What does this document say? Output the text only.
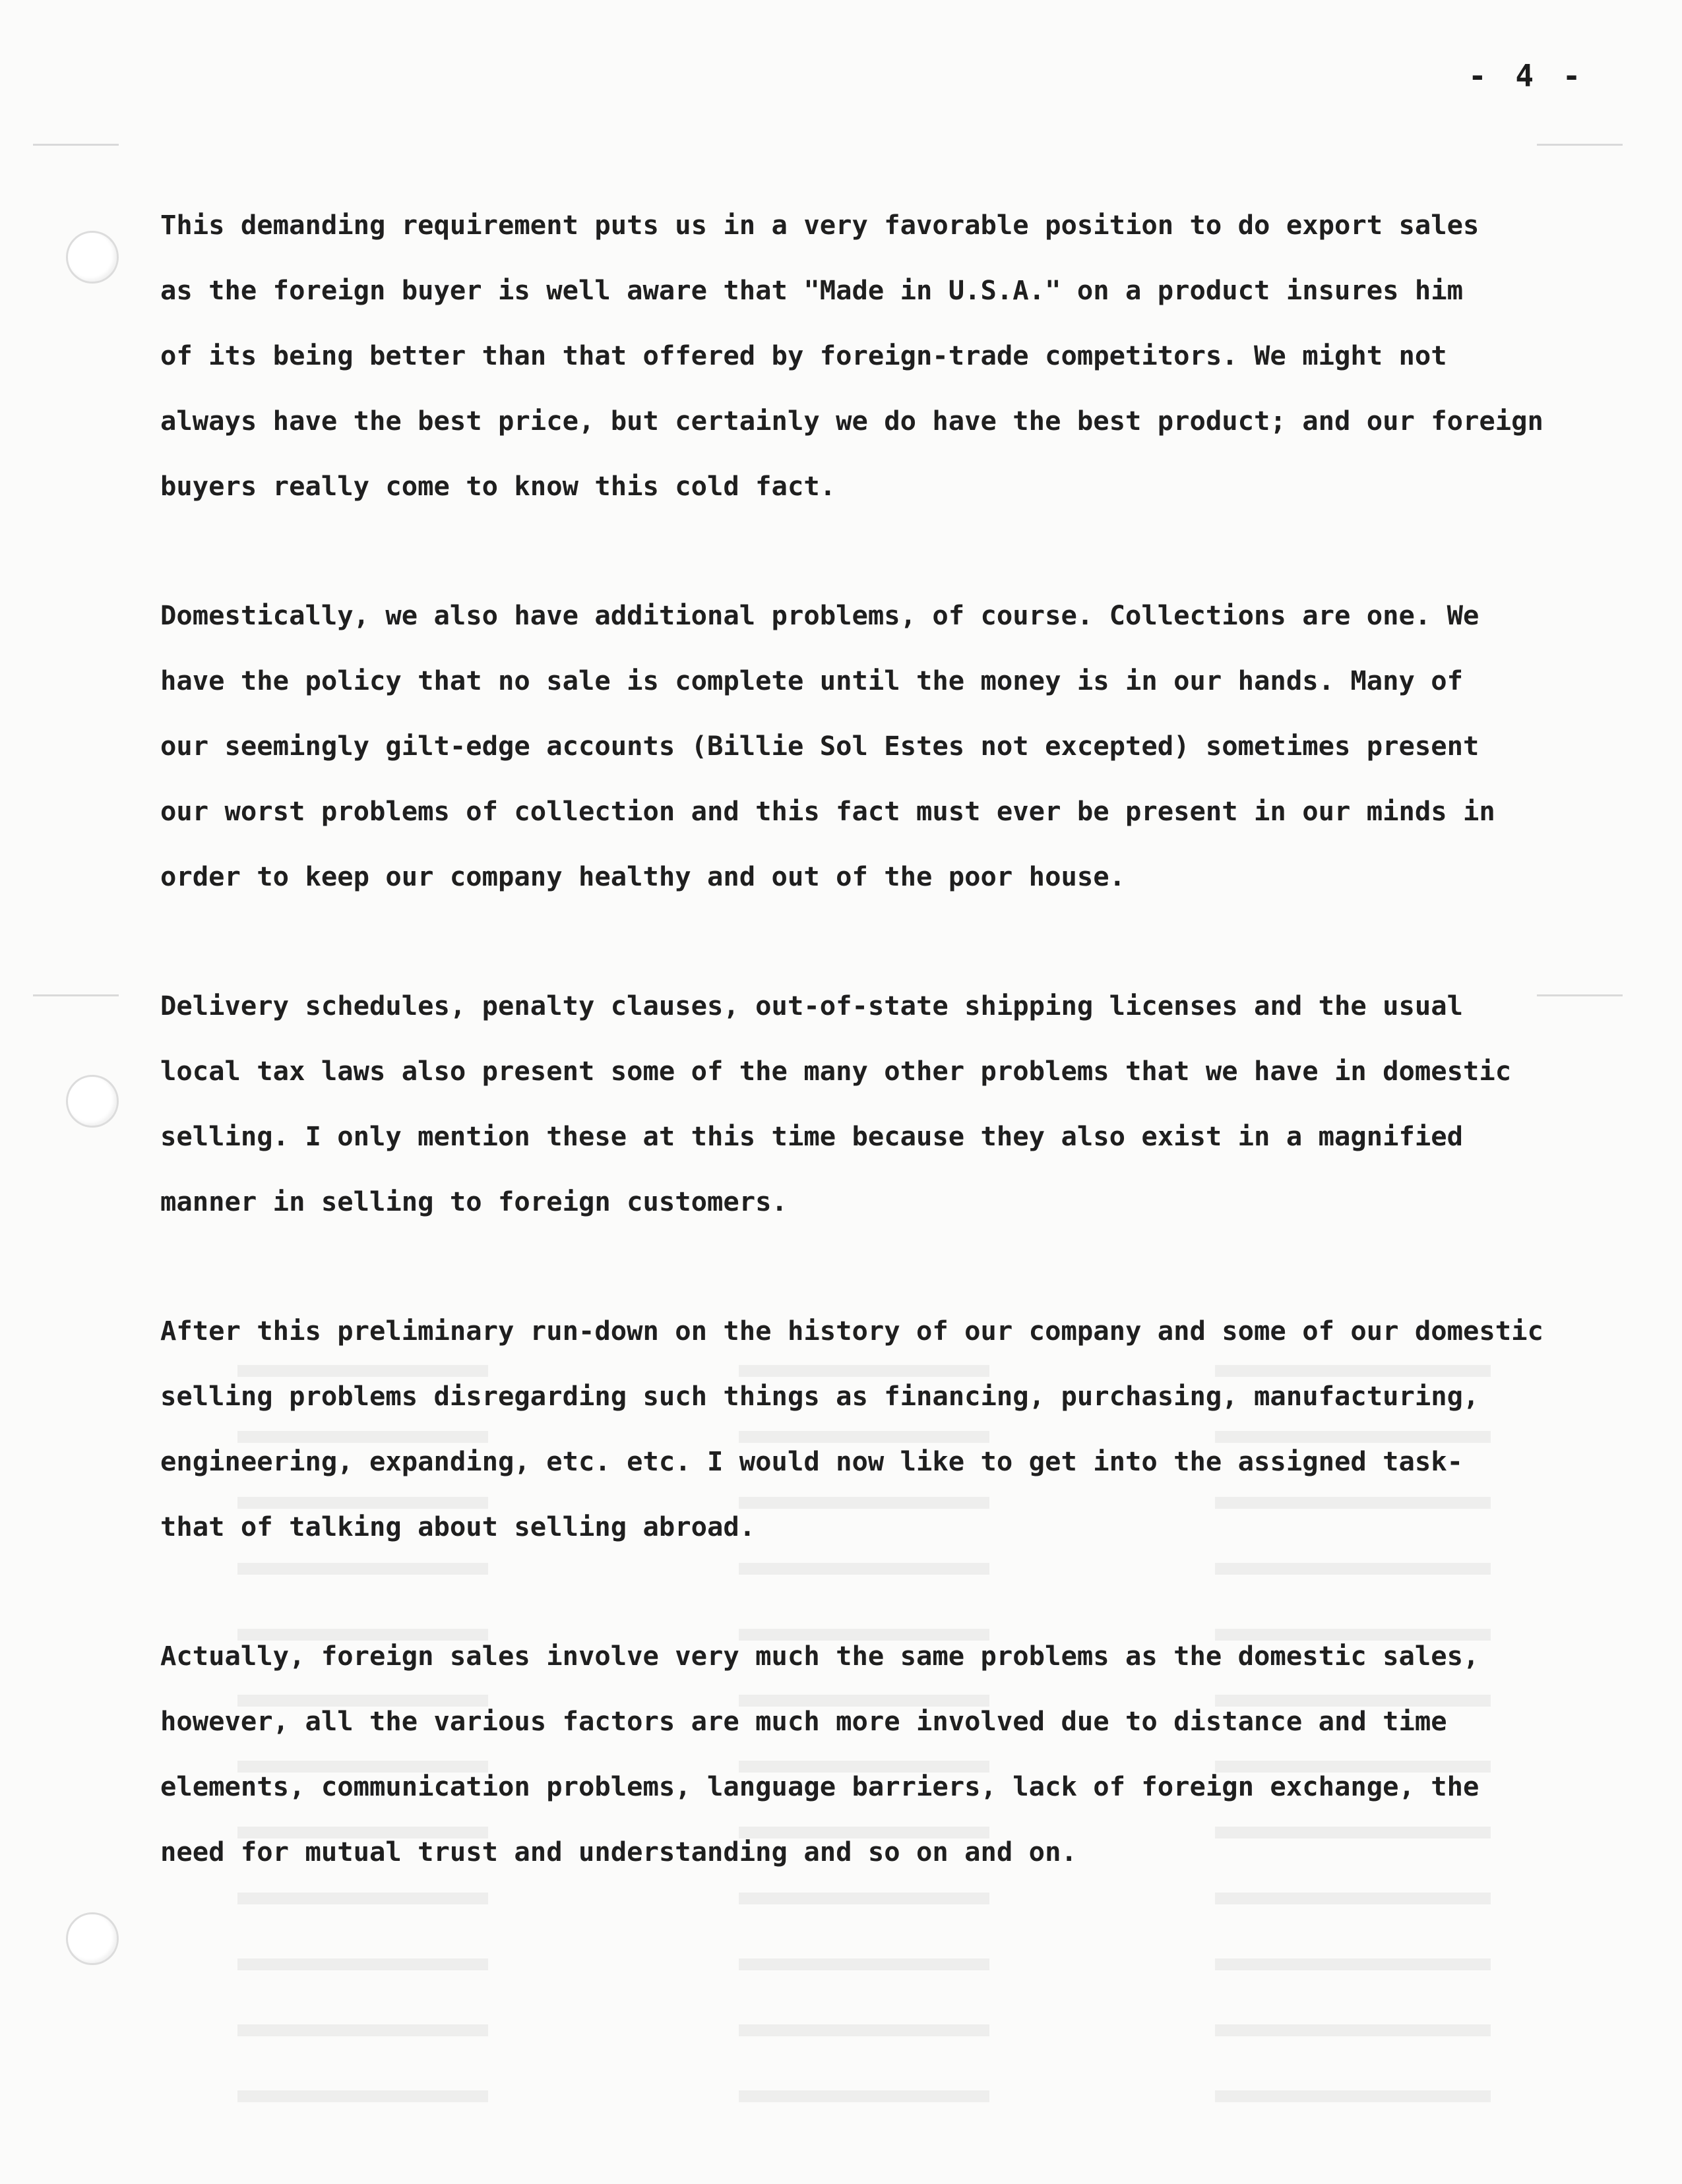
- 4 -
This demanding requirement puts us in a very favorable position to do export sales
as the foreign buyer is well aware that "Made in U.S.A." on a product insures him
of its being better than that offered by foreign-trade competitors. We might not
always have the best price, but certainly we do have the best product; and our foreign
buyers really come to know this cold fact.
Domestically, we also have additional problems, of course. Collections are one. We
have the policy that no sale is complete until the money is in our hands. Many of
our seemingly gilt-edge accounts (Billie Sol Estes not excepted) sometimes present
our worst problems of collection and this fact must ever be present in our minds in
order to keep our company healthy and out of the poor house.
Delivery schedules, penalty clauses, out-of-state shipping licenses and the usual
local tax laws also present some of the many other problems that we have in domestic
selling. I only mention these at this time because they also exist in a magnified
manner in selling to foreign customers.
After this preliminary run-down on the history of our company and some of our domestic
selling problems disregarding such things as financing, purchasing, manufacturing,
engineering, expanding, etc. etc. I would now like to get into the assigned task-
that of talking about selling abroad.
Actually, foreign sales involve very much the same problems as the domestic sales,
however, all the various factors are much more involved due to distance and time
elements, communication problems, language barriers, lack of foreign exchange, the
need for mutual trust and understanding and so on and on.
